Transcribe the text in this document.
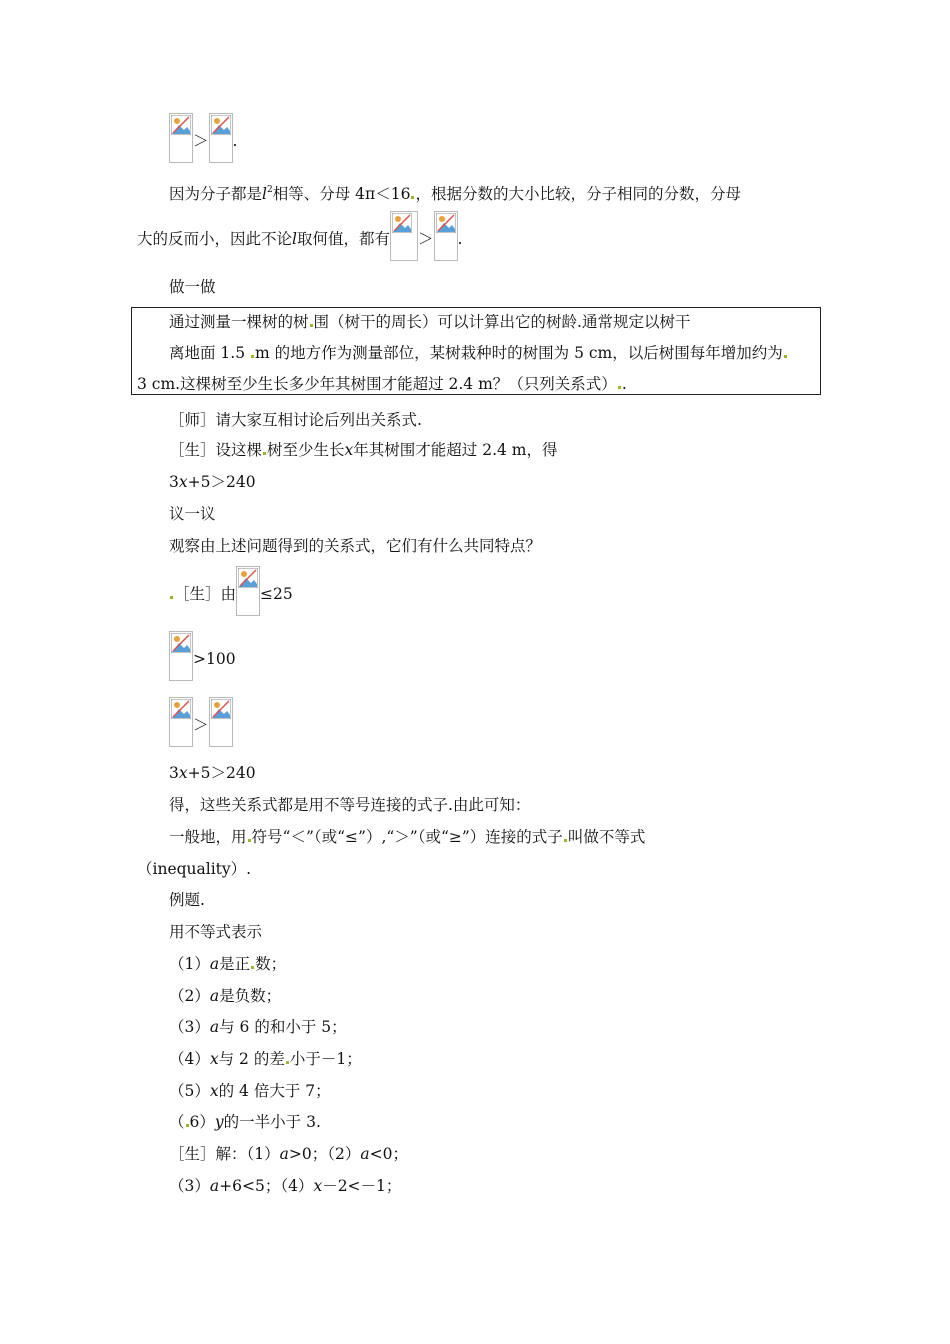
＞ .
因为分子都是$l^2$相等、分母 4π＜16 ，根据分数的大小比较，分子相同的分数，分母
大的反而小，因此不论l取何值，都有 ＞ .
做一做
通过测量一棵树的树 围（树干的周长）可以计算出它的树龄.通常规定以树干
离地面 1.5 m 的地方作为测量部位，某树栽种时的树围为 5 cm，以后树围每年增加约为
3 cm.这棵树至少生长多少年其树围才能超过 2.4 m？（只列关系式） .
［师］请大家互相讨论后列出关系式.
［生］设这棵 树至少生长x年其树围才能超过 2.4 m，得
3x+5＞240
议一议
观察由上述问题得到的关系式，它们有什么共同特点？
［生］由 ≤25
>100
＞
3x+5＞240
得，这些关系式都是用不等号连接的式子.由此可知：
一般地，用 符号“＜”（或“≤”）,“＞”（或“≥”）连接的式子 叫做不等式
（inequality）.
例题.
用不等式表示
（1）a是正 数；
（2）a是负数；
（3）a与 6 的和小于 5；
（4）x与 2 的差 小于－1；
（5）x的 4 倍大于 7；
（ 6）y的一半小于 3.
［生］解：（1）a>0；（2）a<0；
（3）a+6<5；（4）x－2<－1；
